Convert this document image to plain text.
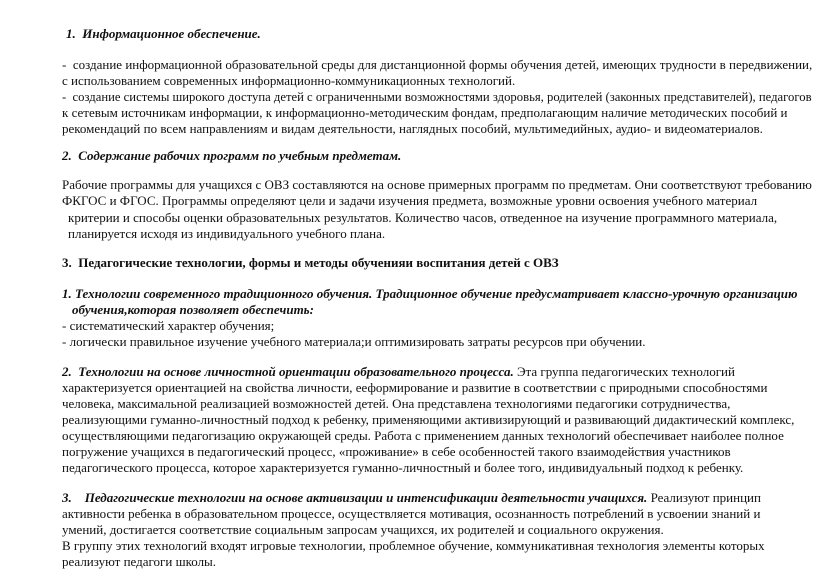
1.  Информационное обеспечение.
-  создание информационной образовательной среды для дистанционной формы обучения детей, имеющих трудности в передвижении,
с использованием современных информационно-коммуникационных технологий.
-  создание системы широкого доступа детей с ограниченными возможностями здоровья, родителей (законных представителей), педагогов
к сетевым источникам информации, к информационно-методическим фондам, предполагающим наличие методических пособий и
рекомендаций по всем направлениям и видам деятельности, наглядных пособий, мультимедийных, аудио- и видеоматериалов.
2.  Содержание рабочих программ по учебным предметам.
Рабочие программы для учащихся с ОВЗ составляются на основе примерных программ по предметам. Они соответствуют требованию
ФКГОС и ФГОС. Программы определяют цели и задачи изучения предмета, возможные уровни освоения учебного материал
критерии и способы оценки образовательных результатов. Количество часов, отведенное на изучение программного материала,
планируется исходя из индивидуального учебного плана.
3.  Педагогические технологии, формы и методы обученияи воспитания детей с ОВЗ
1. Технологии современного традиционного обучения. Традиционное обучение предусматривает классно-урочную организацию
обучения,которая позволяет обеспечить:
- систематический характер обучения;
- логически правильное изучение учебного материала;и оптимизировать затраты ресурсов при обучении.
2.  Технологии на основе личностной ориентации образовательного процесса. Эта группа педагогических технологий
характеризуется ориентацией на свойства личности, ееформирование и развитие в соответствии с природными способностями
человека, максимальной реализацией возможностей детей. Она представлена технологиями педагогики сотрудничества,
реализующими гуманно-личностный подход к ребенку, применяющими активизирующий и развивающий дидактический комплекс,
осуществляющими педагогизацию окружающей среды. Работа с применением данных технологий обеспечивает наиболее полное
погружение учащихся в педагогический процесс, «проживание» в себе особенностей такого взаимодействия участников
педагогического процесса, которое характеризуется гуманно-личностный и более того, индивидуальный подход к ребенку.
3.    Педагогические технологии на основе активизации и интенсификации деятельности учащихся. Реализуют принцип
активности ребенка в образовательном процессе, осуществляется мотивация, осознанность потреблений в усвоении знаний и
умений, достигается соответствие социальным запросам учащихся, их родителей и социального окружения.
В группу этих технологий входят игровые технологии, проблемное обучение, коммуникативная технология элементы которых
реализуют педагоги школы.
